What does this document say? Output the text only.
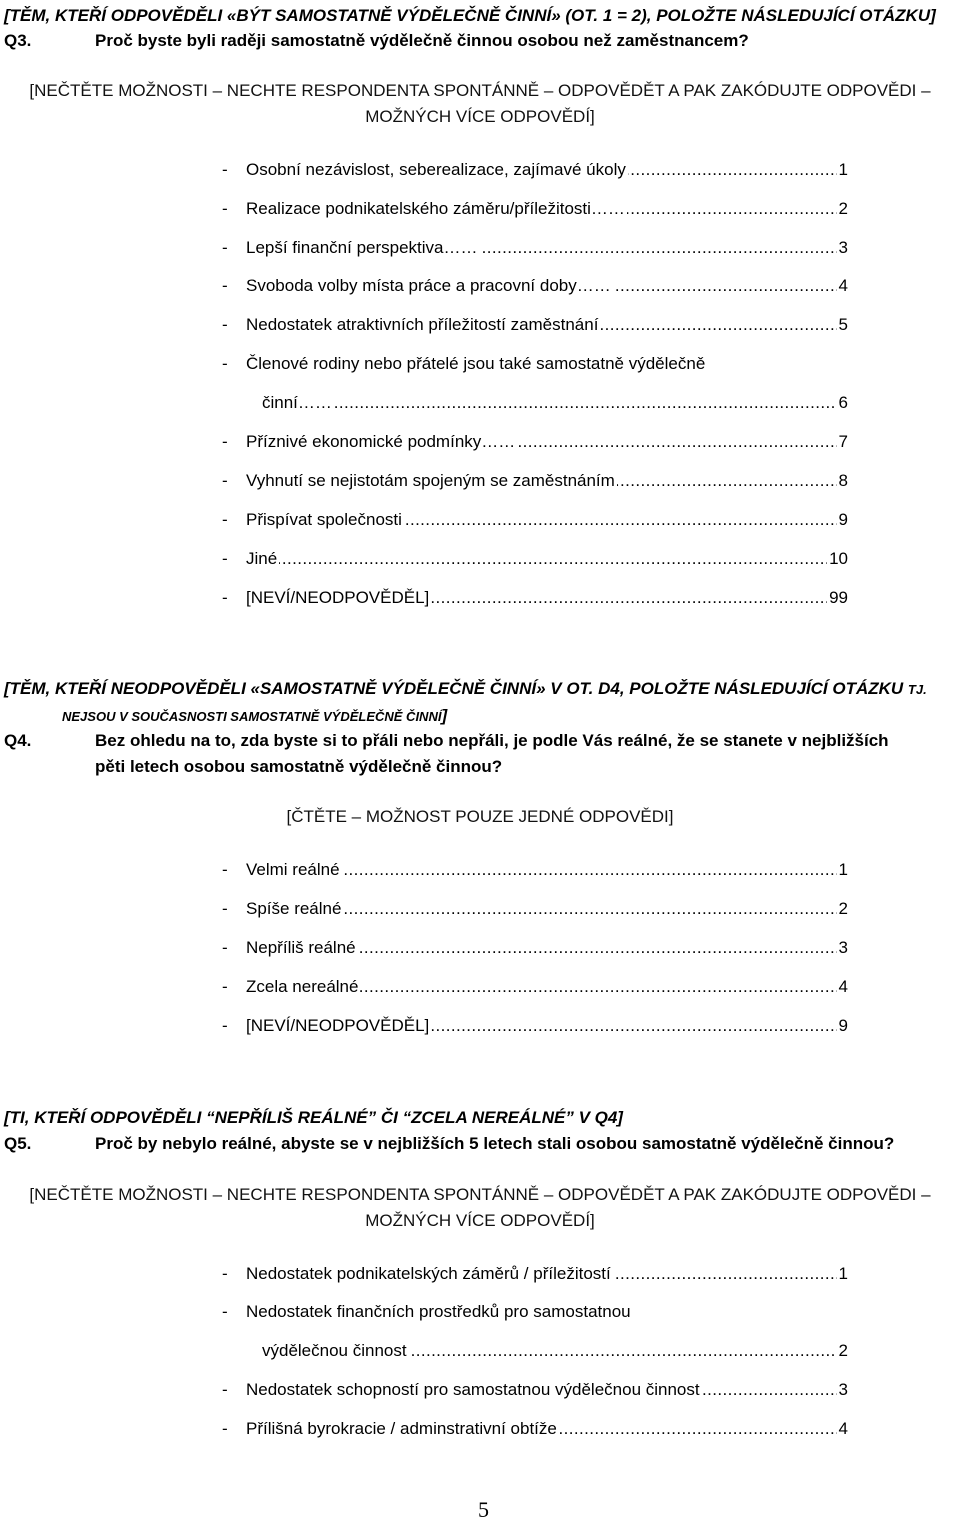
[TĚM, KTEŘÍ ODPOVĚDĚLI «BÝT SAMOSTATNĚ VÝDĚLEČNĚ ČINNÍ» (OT. 1 = 2), POLOŽTE NÁSLEDUJÍCÍ OTÁZKU]
Q3.	Proč byste byli raději samostatně výdělečně činnou osobou než zaměstnancem?
[NEČTĚTE MOŽNOSTI – NECHTE RESPONDENTA SPONTÁNNĚ – ODPOVĚDĚT A PAK ZAKÓDUJTE ODPOVĚDI –
MOŽNÝCH VÍCE ODPOVĚDÍ]
- Osobní nezávislost, seberealizace, zajímavé úkoly .....	1
- Realizace podnikatelského záměru/příležitosti…… .....	2
- Lepší finanční perspektiva…… .....	3
- Svoboda volby místa práce a pracovní doby…… .....	4
- Nedostatek atraktivních příležitostí zaměstnání .....	5
- Členové rodiny nebo přátelé jsou také samostatně výdělečně
činní…… .....	6
- Příznivé ekonomické podmínky…… .....	7
- Vyhnutí se nejistotám spojeným se zaměstnáním .....	8
- Přispívat společnosti .....	9
- Jiné .....	10
- [NEVÍ/NEODPOVĚDĚL] .....	99
[TĚM, KTEŘÍ NEODPOVĚDĚLI «SAMOSTATNĚ VÝDĚLEČNĚ ČINNÍ» V OT. D4, POLOŽTE NÁSLEDUJÍCÍ OTÁZKU TJ.
NEJSOU V SOUČASNOSTI SAMOSTATNĚ VÝDĚLEČNĚ ČINNÍ]
Q4.	Bez ohledu na to, zda byste si to přáli nebo nepřáli, je podle Vás reálné, že se stanete v nejbližších
pěti letech osobou samostatně výdělečně činnou?
[ČTĚTE – MOŽNOST POUZE JEDNÉ ODPOVĚDI]
- Velmi reálné .....	1
- Spíše reálné .....	2
- Nepříliš reálné .....	3
- Zcela nereálné .....	4
- [NEVÍ/NEODPOVĚDĚL] .....	9
[TI, KTEŘÍ ODPOVĚDĚLI “NEPŘÍLIŠ REÁLNÉ” ČI “ZCELA NEREÁLNÉ” V Q4]
Q5.	Proč by nebylo reálné, abyste se v nejbližších 5 letech stali osobou samostatně výdělečně činnou?
[NEČTĚTE MOŽNOSTI – NECHTE RESPONDENTA SPONTÁNNĚ – ODPOVĚDĚT A PAK ZAKÓDUJTE ODPOVĚDI –
MOŽNÝCH VÍCE ODPOVĚDÍ]
- Nedostatek podnikatelských záměrů / příležitostí .....	1
- Nedostatek finančních prostředků pro samostatnou
výdělečnou činnost .....	2
- Nedostatek schopností pro samostatnou výdělečnou činnost .....	3
- Přílišná byrokracie / adminstrativní obtíže .....	4
5
